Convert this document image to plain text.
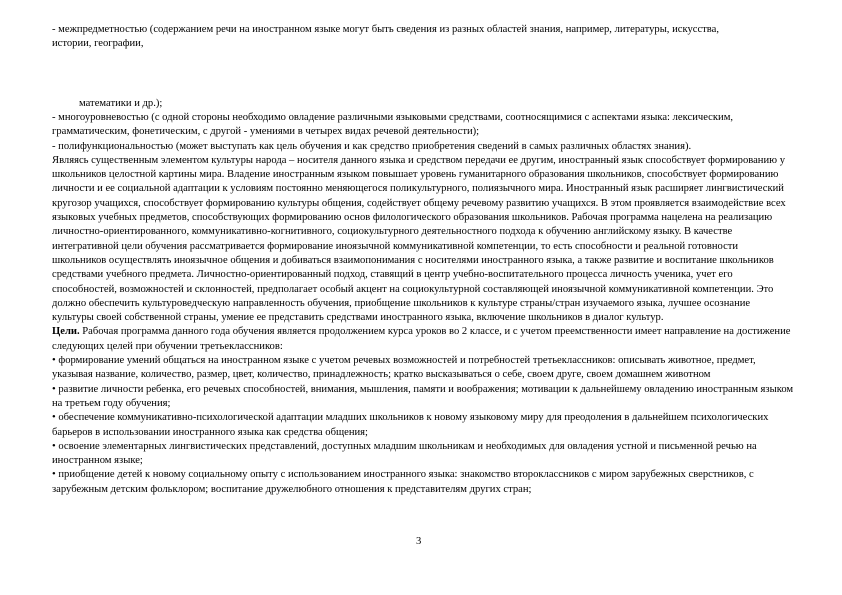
- межпредметностью (содержанием речи на иностранном языке могут быть сведения из разных областей знания, например, литературы, искусства,
истории, географии,
математики и др.);

- многоуровневостью (с одной стороны необходимо овладение различными языковыми средствами, соотносящимися с аспектами языка: лексическим, грамматическим, фонетическим, с другой - умениями в четырех видах речевой деятельности);

- полифункциональностью (может выступать как цель обучения и как средство приобретения сведений в самых различных областях знания).

Являясь существенным элементом культуры народа – носителя данного языка и средством передачи ее другим, иностранный язык способствует формированию у школьников целостной картины мира. Владение иностранным языком повышает уровень гуманитарного образования школьников, способствует формированию личности и ее социальной адаптации к условиям постоянно меняющегося поликультурного, полиязычного мира. Иностранный язык расширяет лингвистический кругозор учащихся, способствует формированию культуры общения, содействует общему речевому развитию учащихся. В этом проявляется взаимодействие всех языковых учебных предметов, способствующих формированию основ филологического образования школьников. Рабочая программа нацелена на реализацию личностно-ориентированного, коммуникативно-когнитивного, социокультурного деятельностного подхода к обучению английскому языку. В качестве интегративной цели обучения рассматривается формирование иноязычной коммуникативной компетенции, то есть способности и реальной готовности школьников осуществлять иноязычное общения и добиваться взаимопонимания с носителями иностранного языка, а также развитие и воспитание школьников средствами учебного предмета. Личностно-ориентированный подход, ставящий в центр учебно-воспитательного процесса личность ученика, учет его способностей, возможностей и склонностей, предполагает особый акцент на социокультурной составляющей иноязычной коммуникативной компетенции. Это должно обеспечить культуроведческую направленность обучения, приобщение школьников к культуре страны/стран изучаемого языка, лучшее осознание культуры своей собственной страны, умение ее представить средствами иностранного языка, включение школьников в диалог культур.

Цели. Рабочая программа данного года обучения является продолжением курса уроков во 2 классе, и с учетом преемственности имеет направление на достижение следующих целей при обучении третьеклассников:

• формирование умений общаться на иностранном языке с учетом речевых возможностей и потребностей третьеклассников: описывать животное, предмет, указывая название, количество, размер, цвет, количество, принадлежность; кратко высказываться о себе, своем друге, своем домашнем животном

• развитие личности ребенка, его речевых способностей, внимания, мышления, памяти и воображения; мотивации к дальнейшему овладению иностранным языком на третьем году обучения;

• обеспечение коммуникативно-психологической адаптации младших школьников к новому языковому миру для преодоления в дальнейшем психологических барьеров в использовании иностранного языка как средства общения;

• освоение элементарных лингвистических представлений, доступных младшим школьникам и необходимых для овладения устной и письменной речью на иностранном языке;

• приобщение детей к новому социальному опыту с использованием иностранного языка: знакомство второклассников с миром зарубежных сверстников, с зарубежным детским фольклором; воспитание дружелюбного отношения к представителям других стран;

3
